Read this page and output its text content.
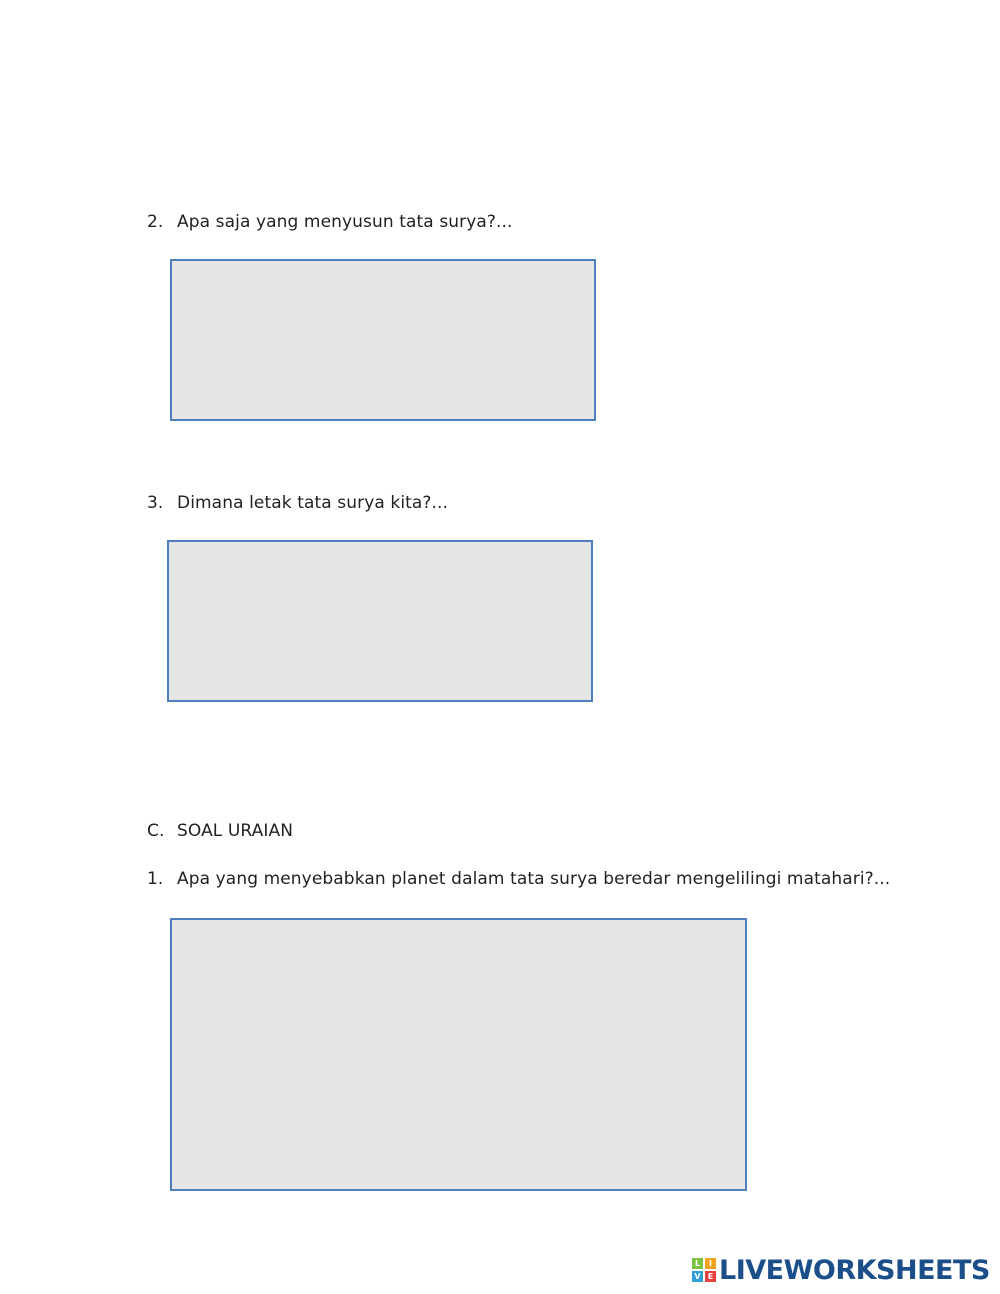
2. Apa saja yang menyusun tata surya?...
3. Dimana letak tata surya kita?...
C. SOAL URAIAN
1. Apa yang menyebabkan planet dalam tata surya beredar mengelilingi matahari?...
L	I
V E LIVEWORKSHEETS
